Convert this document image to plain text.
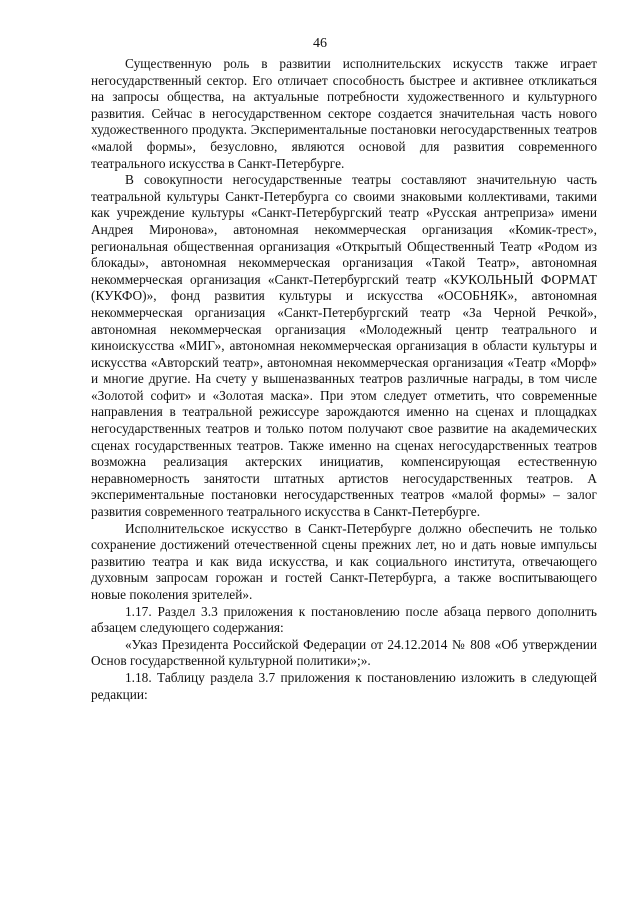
46

Существенную роль в развитии исполнительских искусств также играет негосударственный сектор. Его отличает способность быстрее и активнее откликаться на запросы общества, на актуальные потребности художественного и культурного развития. Сейчас в негосударственном секторе создается значительная часть нового художественного продукта. Экспериментальные постановки негосударственных театров «малой формы», безусловно, являются основой для развития современного театрального искусства в Санкт-Петербурге.

В совокупности негосударственные театры составляют значительную часть театральной культуры Санкт-Петербурга со своими знаковыми коллективами, такими как учреждение культуры «Санкт-Петербургский театр «Русская антреприза» имени Андрея Миронова», автономная некоммерческая организация «Комик-трест», региональная общественная организация «Открытый Общественный Театр «Родом из блокады», автономная некоммерческая организация «Такой Театр», автономная некоммерческая организация «Санкт-Петербургский театр «КУКОЛЬНЫЙ ФОРМАТ (КУКФО)», фонд развития культуры и искусства «ОСОБНЯК», автономная некоммерческая организация «Санкт-Петербургский театр «За Черной Речкой», автономная некоммерческая организация «Молодежный центр театрального и киноискусства «МИГ», автономная некоммерческая организация в области культуры и искусства «Авторский театр», автономная некоммерческая организация «Театр «Морф» и многие другие. На счету у вышеназванных театров различные награды, в том числе «Золотой софит» и «Золотая маска». При этом следует отметить, что современные направления в театральной режиссуре зарождаются именно на сценах и площадках негосударственных театров и только потом получают свое развитие на академических сценах государственных театров. Также именно на сценах негосударственных театров возможна реализация актерских инициатив, компенсирующая естественную неравномерность занятости штатных артистов негосударственных театров. А экспериментальные постановки негосударственных театров «малой формы» – залог развития современного театрального искусства в Санкт-Петербурге.

Исполнительское искусство в Санкт-Петербурге должно обеспечить не только сохранение достижений отечественной сцены прежних лет, но и дать новые импульсы развитию театра и как вида искусства, и как социального института, отвечающего духовным запросам горожан и гостей Санкт-Петербурга, а также воспитывающего новые поколения зрителей».

1.17. Раздел 3.3 приложения к постановлению после абзаца первого дополнить абзацем следующего содержания:

«Указ Президента Российской Федерации от 24.12.2014 № 808 «Об утверждении Основ государственной культурной политики»;».

1.18. Таблицу раздела 3.7 приложения к постановлению изложить в следующей редакции:
